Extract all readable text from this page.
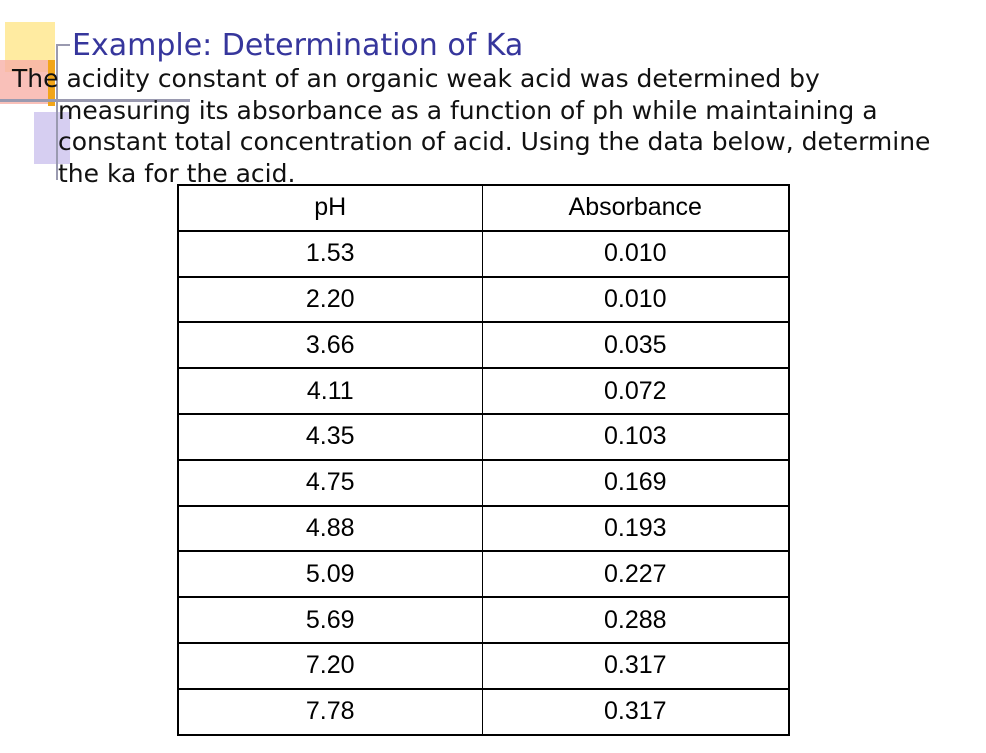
Example: Determination of Ka

The acidity constant of an organic weak acid was determined by
measuring its absorbance as a function of ph while maintaining a
constant total concentration of acid. Using the data below, determine
the ka for the acid.

pH	Absorbance
1.53	0.010
2.20	0.010
3.66	0.035
4.11	0.072
4.35	0.103
4.75	0.169
4.88	0.193
5.09	0.227
5.69	0.288
7.20	0.317
7.78	0.317
